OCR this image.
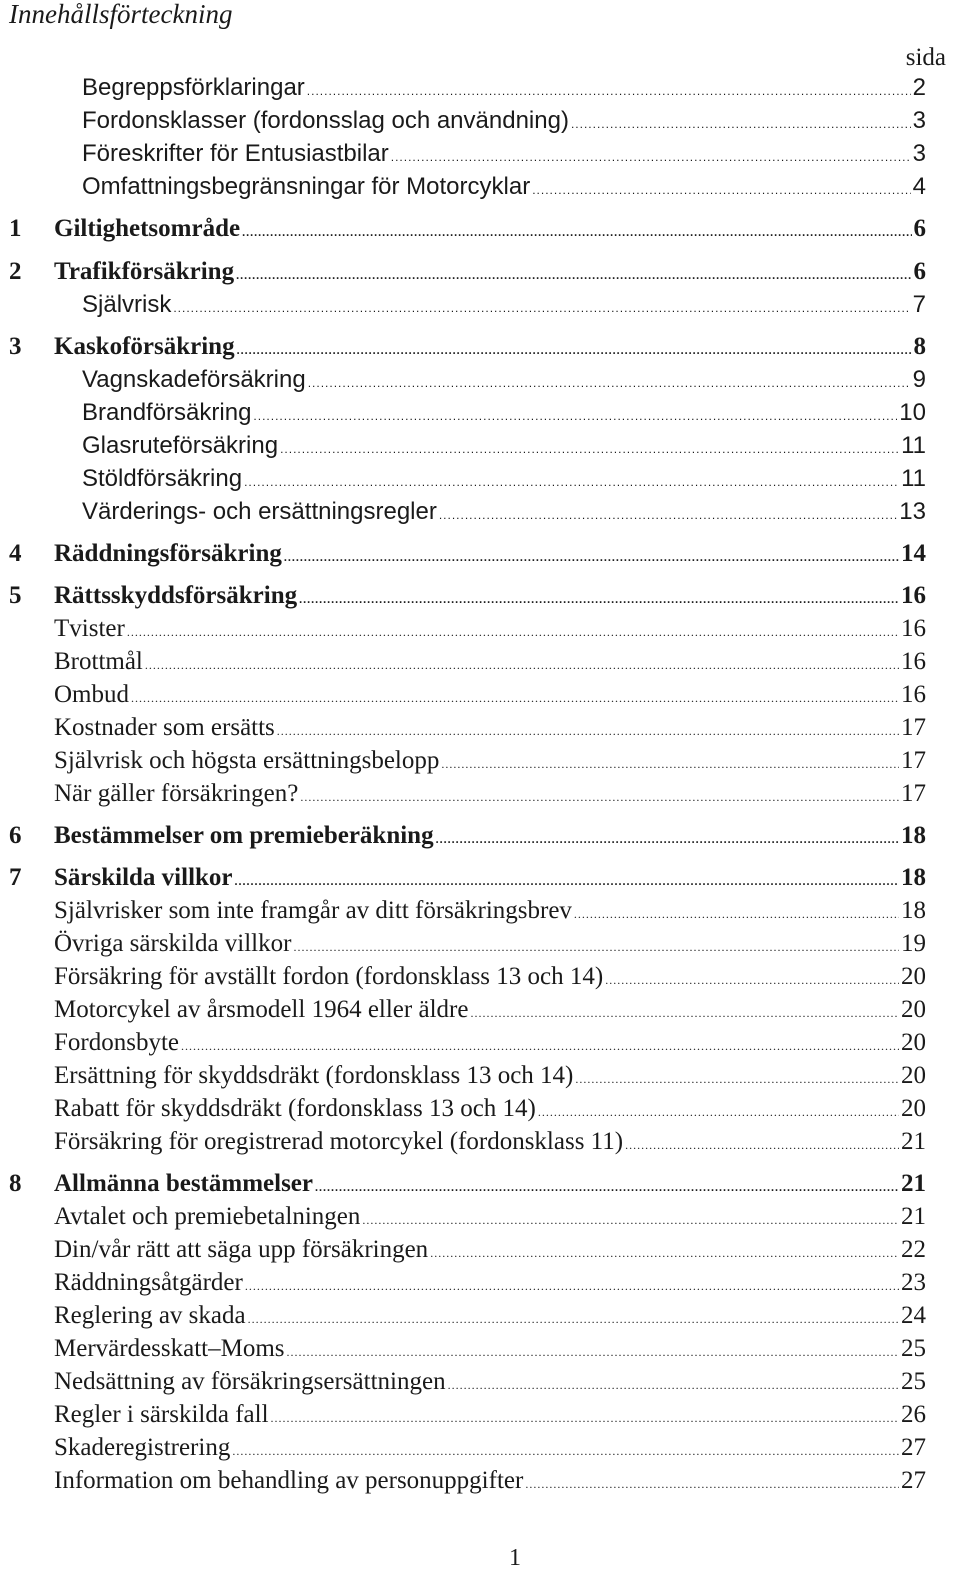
Innehållsförteckning
sida
Begreppsförklaringar .....	2
Fordonsklasser (fordonsslag och användning) .....	3
Föreskrifter för Entusiastbilar .....	3
Omfattningsbegränsningar för Motorcyklar .....	4
1	Giltighetsområde .....	6
2	Trafikförsäkring .....	6
Självrisk .....	7
3	Kaskoförsäkring .....	8
Vagnskadeförsäkring .....	9
Brandförsäkring .....	10
Glasruteförsäkring .....	11
Stöldförsäkring .....	11
Värderings- och ersättningsregler .....	13
4	Räddningsförsäkring .....	14
5	Rättsskyddsförsäkring .....	16
Tvister .....	16
Brottmål .....	16
Ombud .....	16
Kostnader som ersätts .....	17
Självrisk och högsta ersättningsbelopp .....	17
När gäller försäkringen? .....	17
6	Bestämmelser om premieberäkning .....	18
7	Särskilda villkor .....	18
Självrisker som inte framgår av ditt försäkringsbrev .....	18
Övriga särskilda villkor .....	19
Försäkring för avställt fordon (fordonsklass 13 och 14) .....	20
Motorcykel av årsmodell 1964 eller äldre .....	20
Fordonsbyte .....	20
Ersättning för skyddsdräkt (fordonsklass 13 och 14) .....	20
Rabatt för skyddsdräkt (fordonsklass 13 och 14) .....	20
Försäkring för oregistrerad motorcykel (fordonsklass 11) .....	21
8	Allmänna bestämmelser .....	21
Avtalet och premiebetalningen .....	21
Din/vår rätt att säga upp försäkringen .....	22
Räddningsåtgärder .....	23
Reglering av skada .....	24
Mervärdesskatt–Moms .....	25
Nedsättning av försäkringsersättningen .....	25
Regler i särskilda fall .....	26
Skaderegistrering .....	27
Information om behandling av personuppgifter .....	27
1
